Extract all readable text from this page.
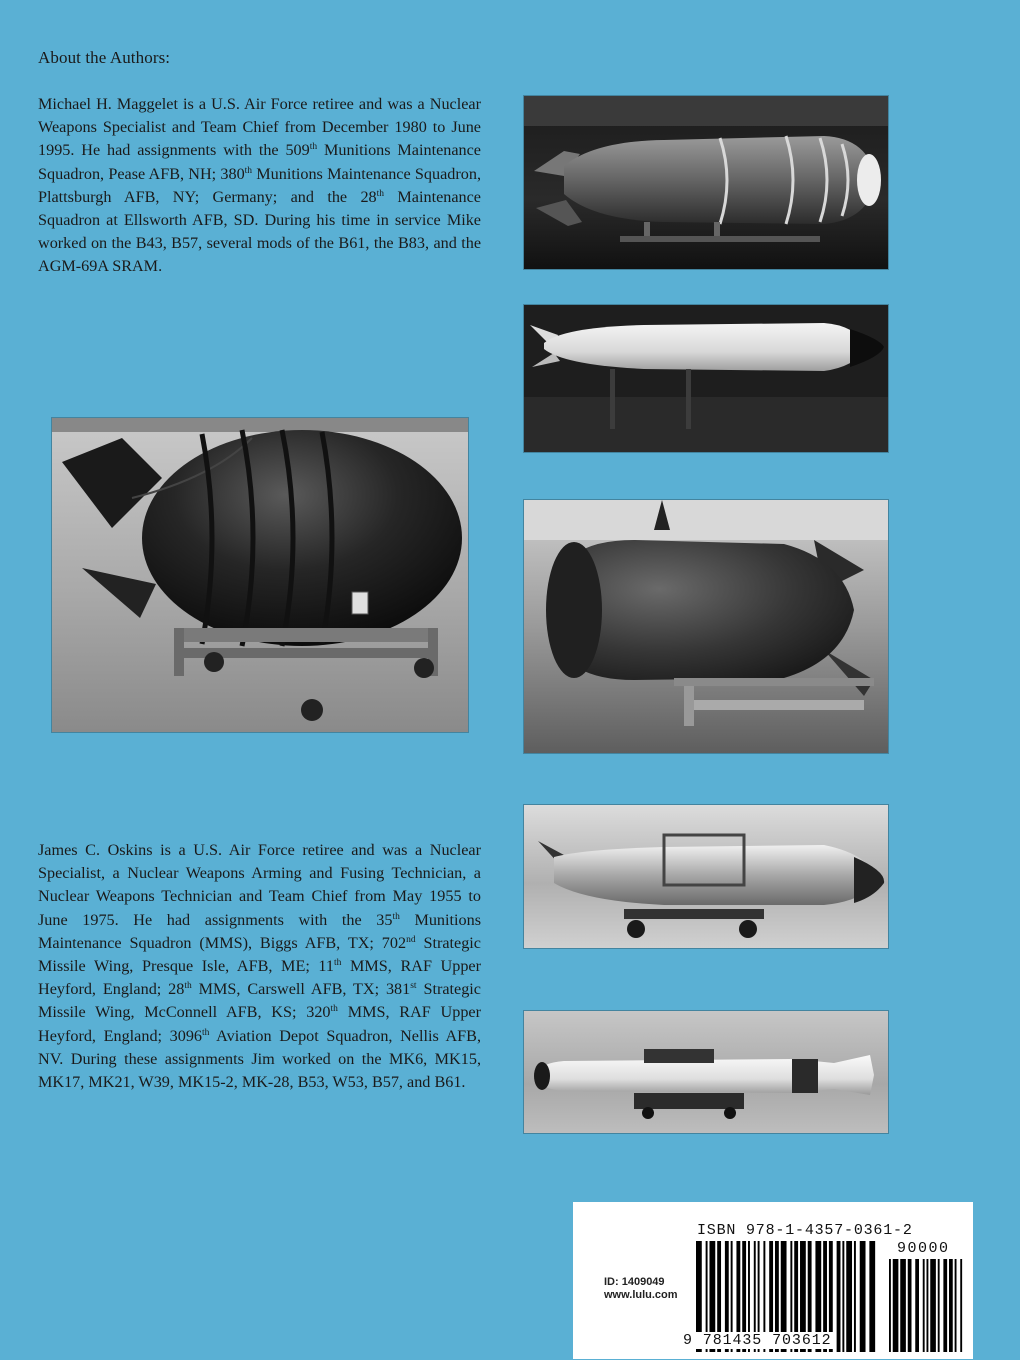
About the Authors:
Michael H. Maggelet is a U.S. Air Force retiree and was a Nuclear Weapons Specialist and Team Chief from December 1980 to June 1995. He had assignments with the 509th Munitions Maintenance Squadron, Pease AFB, NH; 380th Munitions Maintenance Squadron, Plattsburgh AFB, NY; Germany; and the 28th Maintenance Squadron at Ellsworth AFB, SD. During his time in service Mike worked on the B43, B57, several mods of the B61, the B83, and the AGM-69A SRAM.
James C. Oskins is a U.S. Air Force retiree and was a Nuclear Specialist, a Nuclear Weapons Arming and Fusing Technician, a Nuclear Weapons Technician and Team Chief from May 1955 to June 1975. He had assignments with the 35th Munitions Maintenance Squadron (MMS), Biggs AFB, TX; 702nd Strategic Missile Wing, Presque Isle, AFB, ME; 11th MMS, RAF Upper Heyford, England; 28th MMS, Carswell AFB, TX; 381st Strategic Missile Wing, McConnell AFB, KS; 320th MMS, RAF Upper Heyford, England; 3096th Aviation Depot Squadron, Nellis AFB, NV. During these assignments Jim worked on the MK6, MK15, MK17, MK21, W39, MK15-2, MK-28, B53, W53, B57, and B61.
ISBN 978-1-4357-0361-2
90000
ID: 1409049
www.lulu.com
9 781435 703612
